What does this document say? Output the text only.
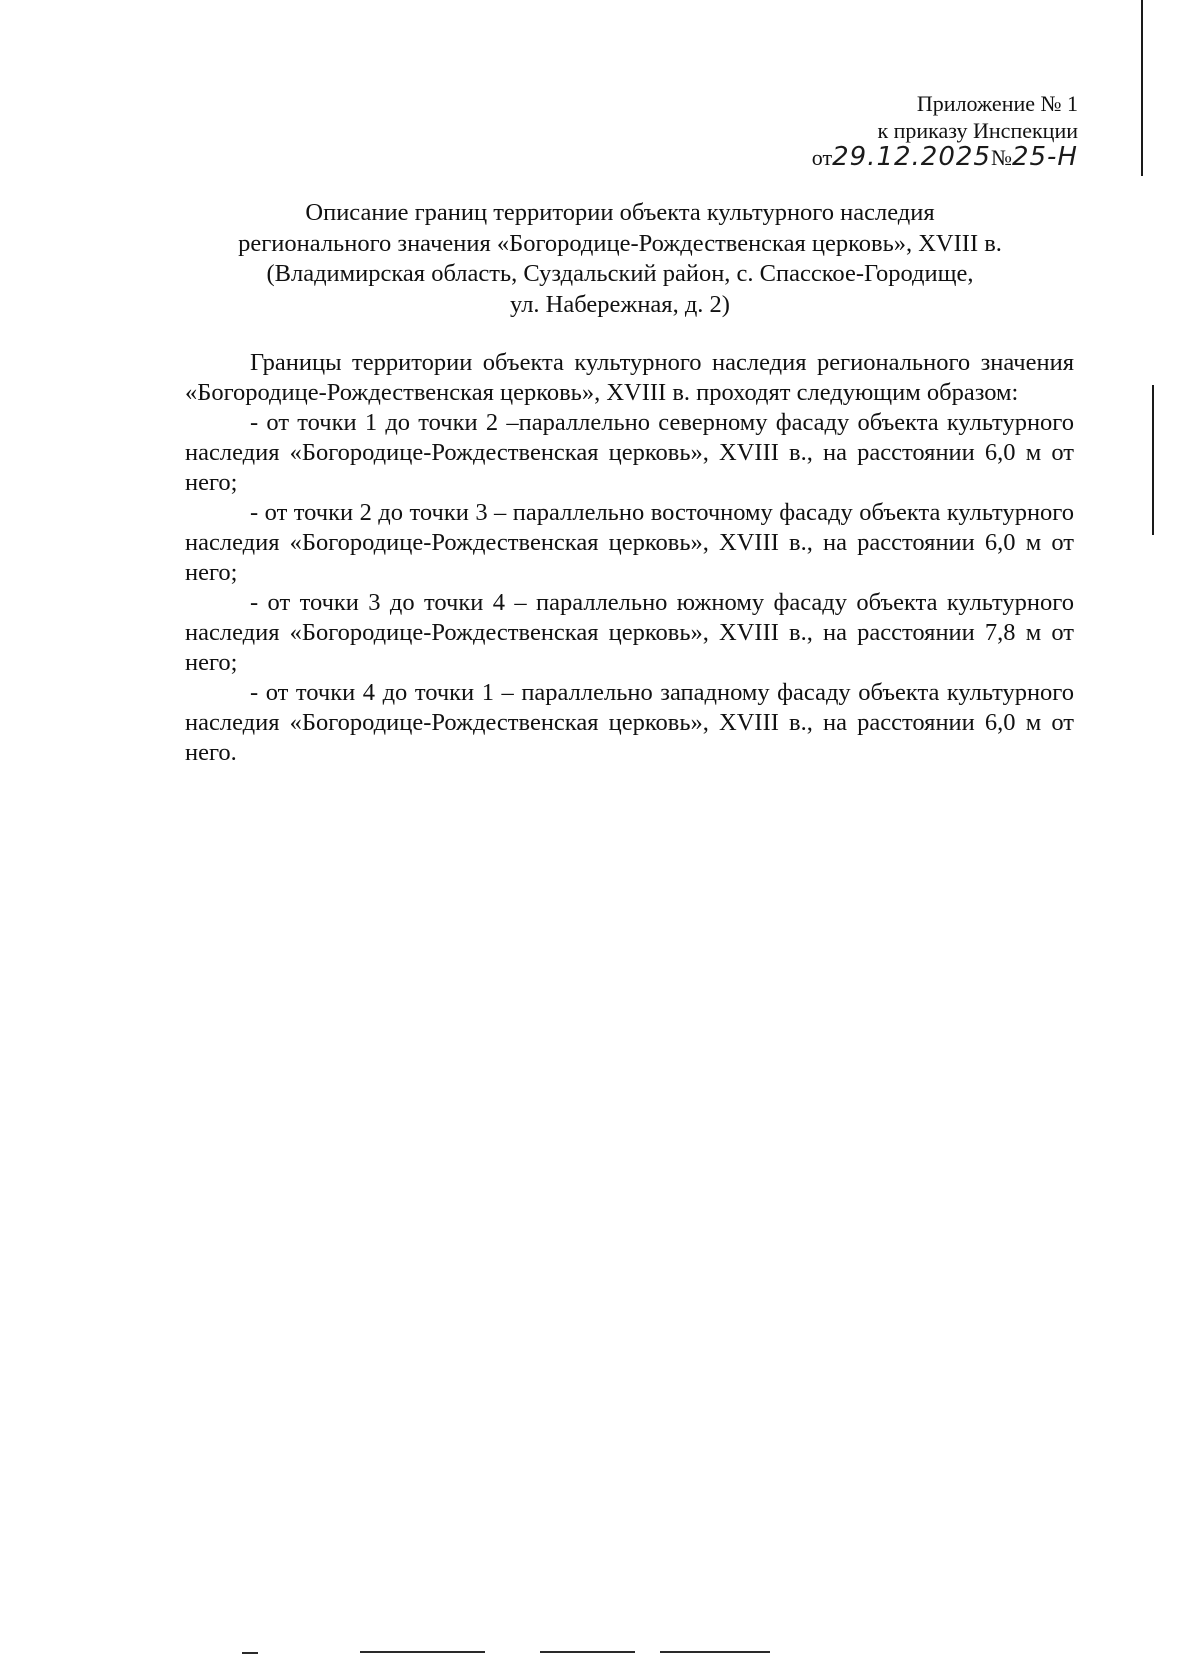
Приложение № 1
к приказу Инспекции
от29.12.2025№25-Н
Описание границ территории объекта культурного наследия
регионального значения «Богородице-Рождественская церковь», XVIII в.
(Владимирская область, Суздальский район, с. Спасское-Городище,
ул. Набережная, д. 2)

Границы территории объекта культурного наследия регионального значения «Богородице-Рождественская церковь», XVIII в. проходят следующим образом:

- от точки 1 до точки 2 –параллельно северному фасаду объекта культурного наследия «Богородице-Рождественская церковь», XVIII в., на расстоянии 6,0 м от него;

- от точки 2 до точки 3 – параллельно восточному фасаду объекта культурного наследия «Богородице-Рождественская церковь», XVIII в., на расстоянии 6,0 м от него;

- от точки 3 до точки 4 – параллельно южному фасаду объекта культурного наследия «Богородице-Рождественская церковь», XVIII в., на расстоянии 7,8 м от него;

- от точки 4 до точки 1 – параллельно западному фасаду объекта культурного наследия «Богородице-Рождественская церковь», XVIII в., на расстоянии 6,0 м от него.
